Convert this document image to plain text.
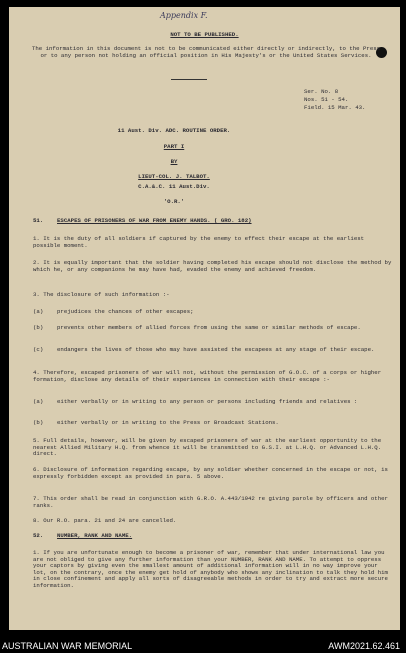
Appendix F.
NOT TO BE PUBLISHED.
The information in this document is not to be communicated either directly or indirectly, to the Press or to any person not holding an official position in His Majesty's or the United States Services.
Ser. No. 8
Nos. 51 - 54.
Field. 15 Mar. 43.
11 Aust. Div. ADC. ROUTINE ORDER.
PART I
BY
LIEUT-COL. J. TALBOT.
C.A.&.C. 11 Aust.Div.
'O.R.'
51. ESCAPES OF PRISONERS OF WAR FROM ENEMY HANDS. ( GRO. 182)
1. It is the duty of all soldiers if captured by the enemy to effect their escape at the earliest possible moment.
2. It is equally important that the soldier having completed his escape should not disclose the method by which he, or any companions he may have had, evaded the enemy and achieved freedom.
3. The disclosure of such information :-
(a) prejudices the chances of other escapes;
(b) prevents other members of allied forces from using the same or similar methods of escape.
(c) endangers the lives of those who may have assisted the escapees at any stage of their escape.
4. Therefore, escaped prisoners of war will not, without the permission of G.O.C. of a corps or higher formation, disclose any details of their experiences in connection with their escape :-
(a) either verbally or in writing to any person or persons including friends and relatives :
(b) either verbally or in writing to the Press or Broadcast Stations.
5. Full details, however, will be given by escaped prisoners of war at the earliest opportunity to the nearest Allied Military H.Q. from whence it will be transmitted to G.S.I. at L.H.Q. or Advanced L.H.Q. direct.
6. Disclosure of information regarding escape, by any soldier whether concerned in the escape or not, is expressly forbidden except as provided in para. 5 above.
7. This order shall be read in conjunction with G.R.O. A.443/1942 re giving parole by officers and other ranks.
8. Our R.O. para. 21 and 24 are cancelled.
52. NUMBER, RANK AND NAME.
1. If you are unfortunate enough to become a prisoner of war, remember that under international law you are not obliged to give any further information than your NUMBER, RANK AND NAME. To attempt to oppress your captors by giving even the smallest amount of additional information will in no way improve your lot, on the contrary, once the enemy get hold of anybody who shows any inclination to talk they hold him in close confinement and apply all sorts of disagreeable methods in order to try and extract more secure information.
AUSTRALIAN WAR MEMORIAL	AWM2021.62.461
